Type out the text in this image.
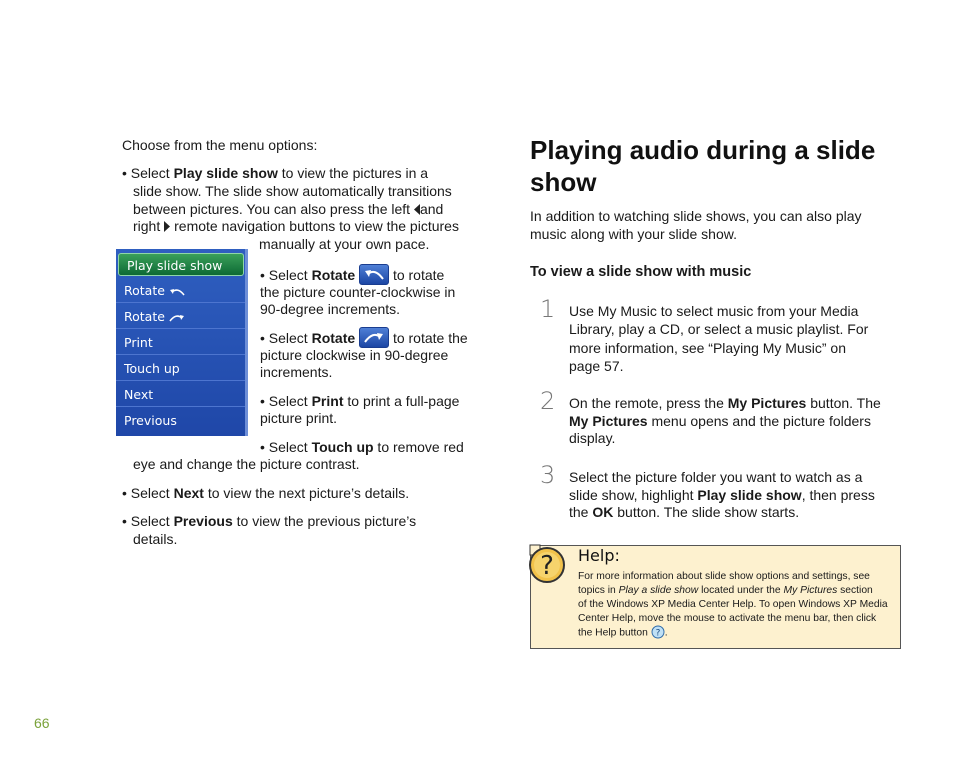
Choose from the menu options:

• Select Play slide show to view the pictures in a
slide show. The slide show automatically transitions
between pictures. You can also press the left and
right remote navigation buttons to view the pictures
manually at your own pace.
Play slide show
Rotate
Rotate
Print
Touch up
Next
Previous
• Select Rotate	to rotate
the picture counter-clockwise in
90-degree increments.
• Select Rotate	to rotate the
picture clockwise in 90-degree
increments.
• Select Print to print a full-page
picture print.
• Select Touch up to remove red
eye and change the picture contrast.
• Select Next to view the next picture’s details.
• Select Previous to view the previous picture’s
details.
Playing audio during a slide show

In addition to watching slide shows, you can also play music along with your slide show.

To view a slide show with music
1 Use My Music to select music from your Media
Library, play a CD, or select a music playlist. For
more information, see “Playing My Music” on
page 57.
2 On the remote, press the My Pictures button. The
My Pictures menu opens and the picture folders
display.
3 Select the picture folder you want to watch as a
slide show, highlight Play slide show, then press
the OK button. The slide show starts.
? Help:
For more information about slide show options and settings, see
topics in Play a slide show located under the My Pictures section
of the Windows XP Media Center Help. To open Windows XP Media
Center Help, move the mouse to activate the menu bar, then click
the Help button ? .
66
